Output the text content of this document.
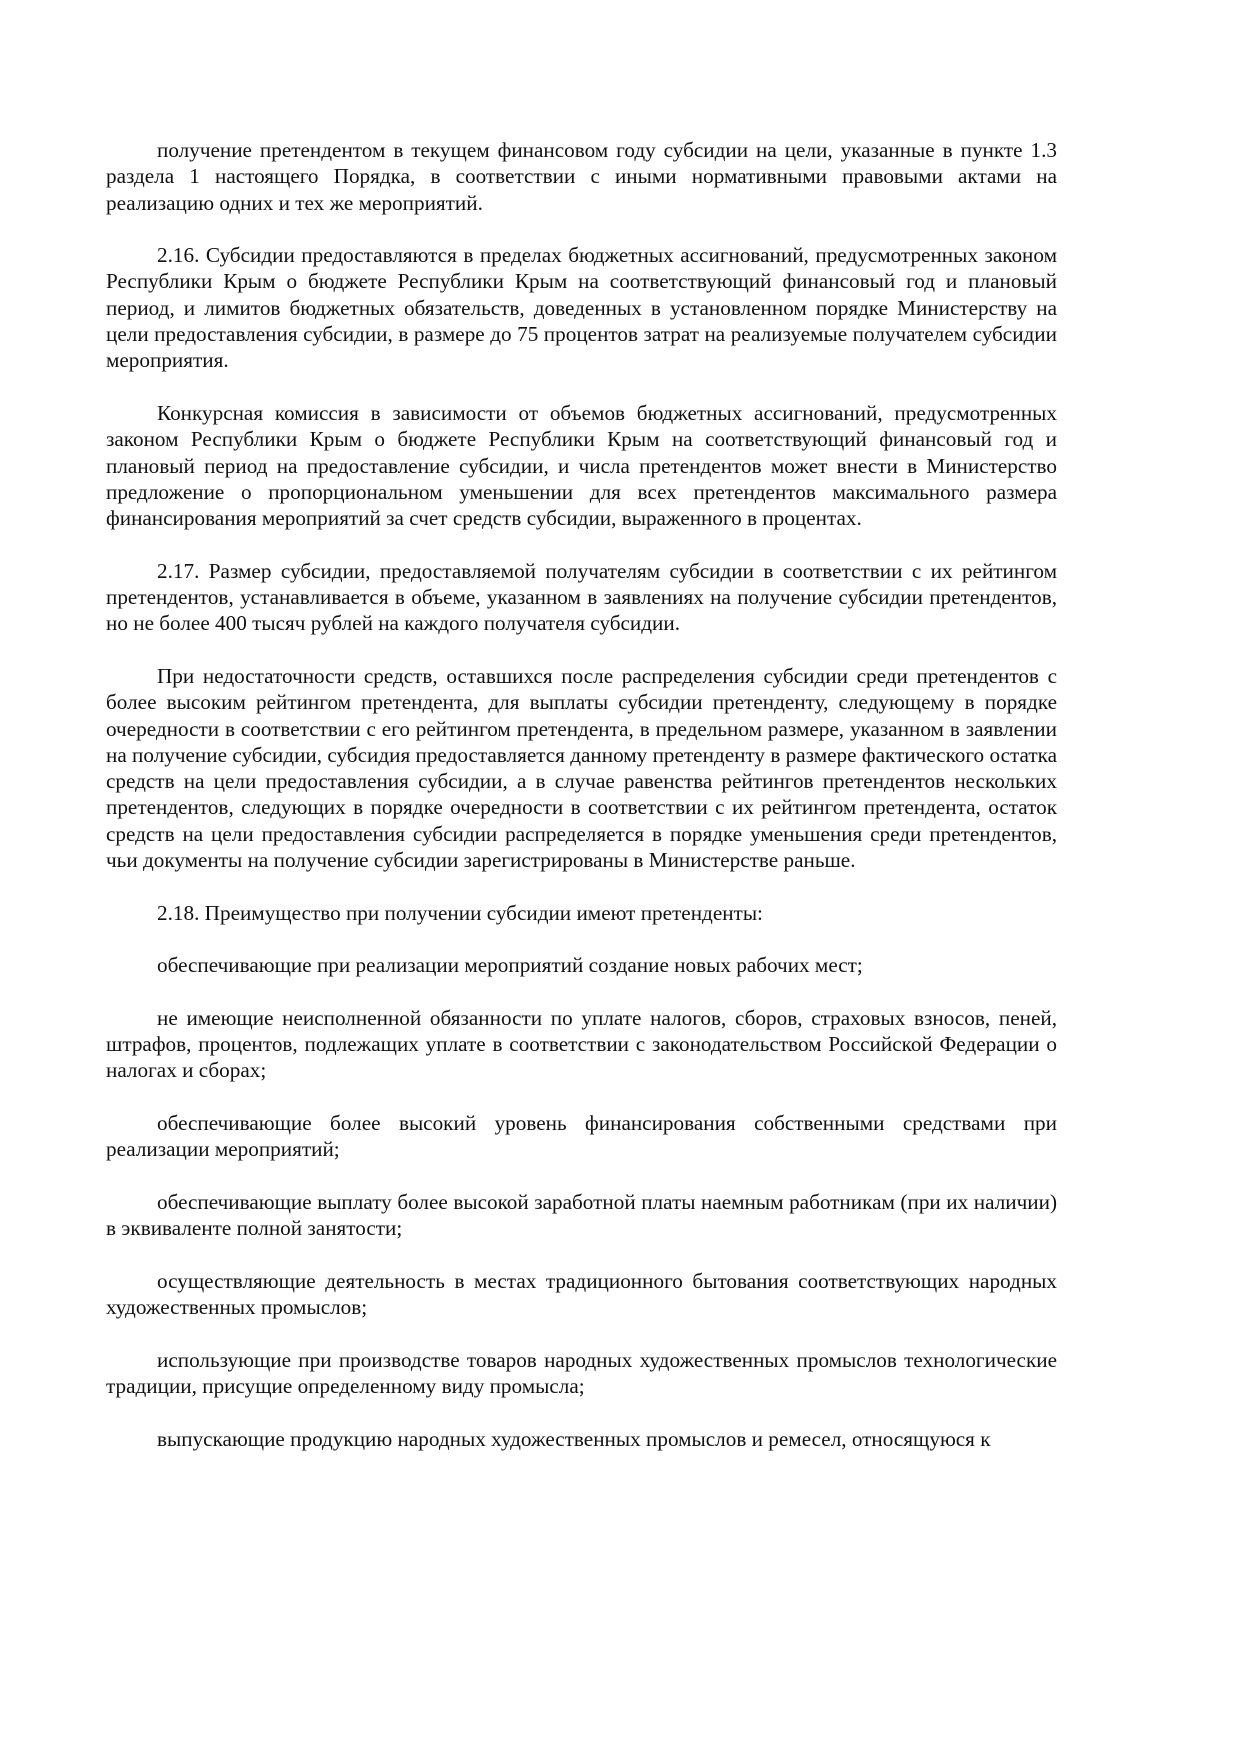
получение претендентом в текущем финансовом году субсидии на цели, указанные в пункте 1.3 раздела 1 настоящего Порядка, в соответствии с иными нормативными правовыми актами на реализацию одних и тех же мероприятий.

2.16. Субсидии предоставляются в пределах бюджетных ассигнований, предусмотренных законом Республики Крым о бюджете Республики Крым на соответствующий финансовый год и плановый период, и лимитов бюджетных обязательств, доведенных в установленном порядке Министерству на цели предоставления субсидии, в размере до 75 процентов затрат на реализуемые получателем субсидии мероприятия.

Конкурсная комиссия в зависимости от объемов бюджетных ассигнований, предусмотренных законом Республики Крым о бюджете Республики Крым на соответствующий финансовый год и плановый период на предоставление субсидии, и числа претендентов может внести в Министерство предложение о пропорциональном уменьшении для всех претендентов максимального размера финансирования мероприятий за счет средств субсидии, выраженного в процентах.

2.17. Размер субсидии, предоставляемой получателям субсидии в соответствии с их рейтингом претендентов, устанавливается в объеме, указанном в заявлениях на получение субсидии претендентов, но не более 400 тысяч рублей на каждого получателя субсидии.

При недостаточности средств, оставшихся после распределения субсидии среди претендентов с более высоким рейтингом претендента, для выплаты субсидии претенденту, следующему в порядке очередности в соответствии с его рейтингом претендента, в предельном размере, указанном в заявлении на получение субсидии, субсидия предоставляется данному претенденту в размере фактического остатка средств на цели предоставления субсидии, а в случае равенства рейтингов претендентов нескольких претендентов, следующих в порядке очередности в соответствии с их рейтингом претендента, остаток средств на цели предоставления субсидии распределяется в порядке уменьшения среди претендентов, чьи документы на получение субсидии зарегистрированы в Министерстве раньше.

2.18. Преимущество при получении субсидии имеют претенденты:

обеспечивающие при реализации мероприятий создание новых рабочих мест;

не имеющие неисполненной обязанности по уплате налогов, сборов, страховых взносов, пеней, штрафов, процентов, подлежащих уплате в соответствии с законодательством Российской Федерации о налогах и сборах;

обеспечивающие более высокий уровень финансирования собственными средствами при реализации мероприятий;

обеспечивающие выплату более высокой заработной платы наемным работникам (при их наличии) в эквиваленте полной занятости;

осуществляющие деятельность в местах традиционного бытования соответствующих народных художественных промыслов;

использующие при производстве товаров народных художественных промыслов технологические традиции, присущие определенному виду промысла;

выпускающие продукцию народных художественных промыслов и ремесел, относящуюся к
